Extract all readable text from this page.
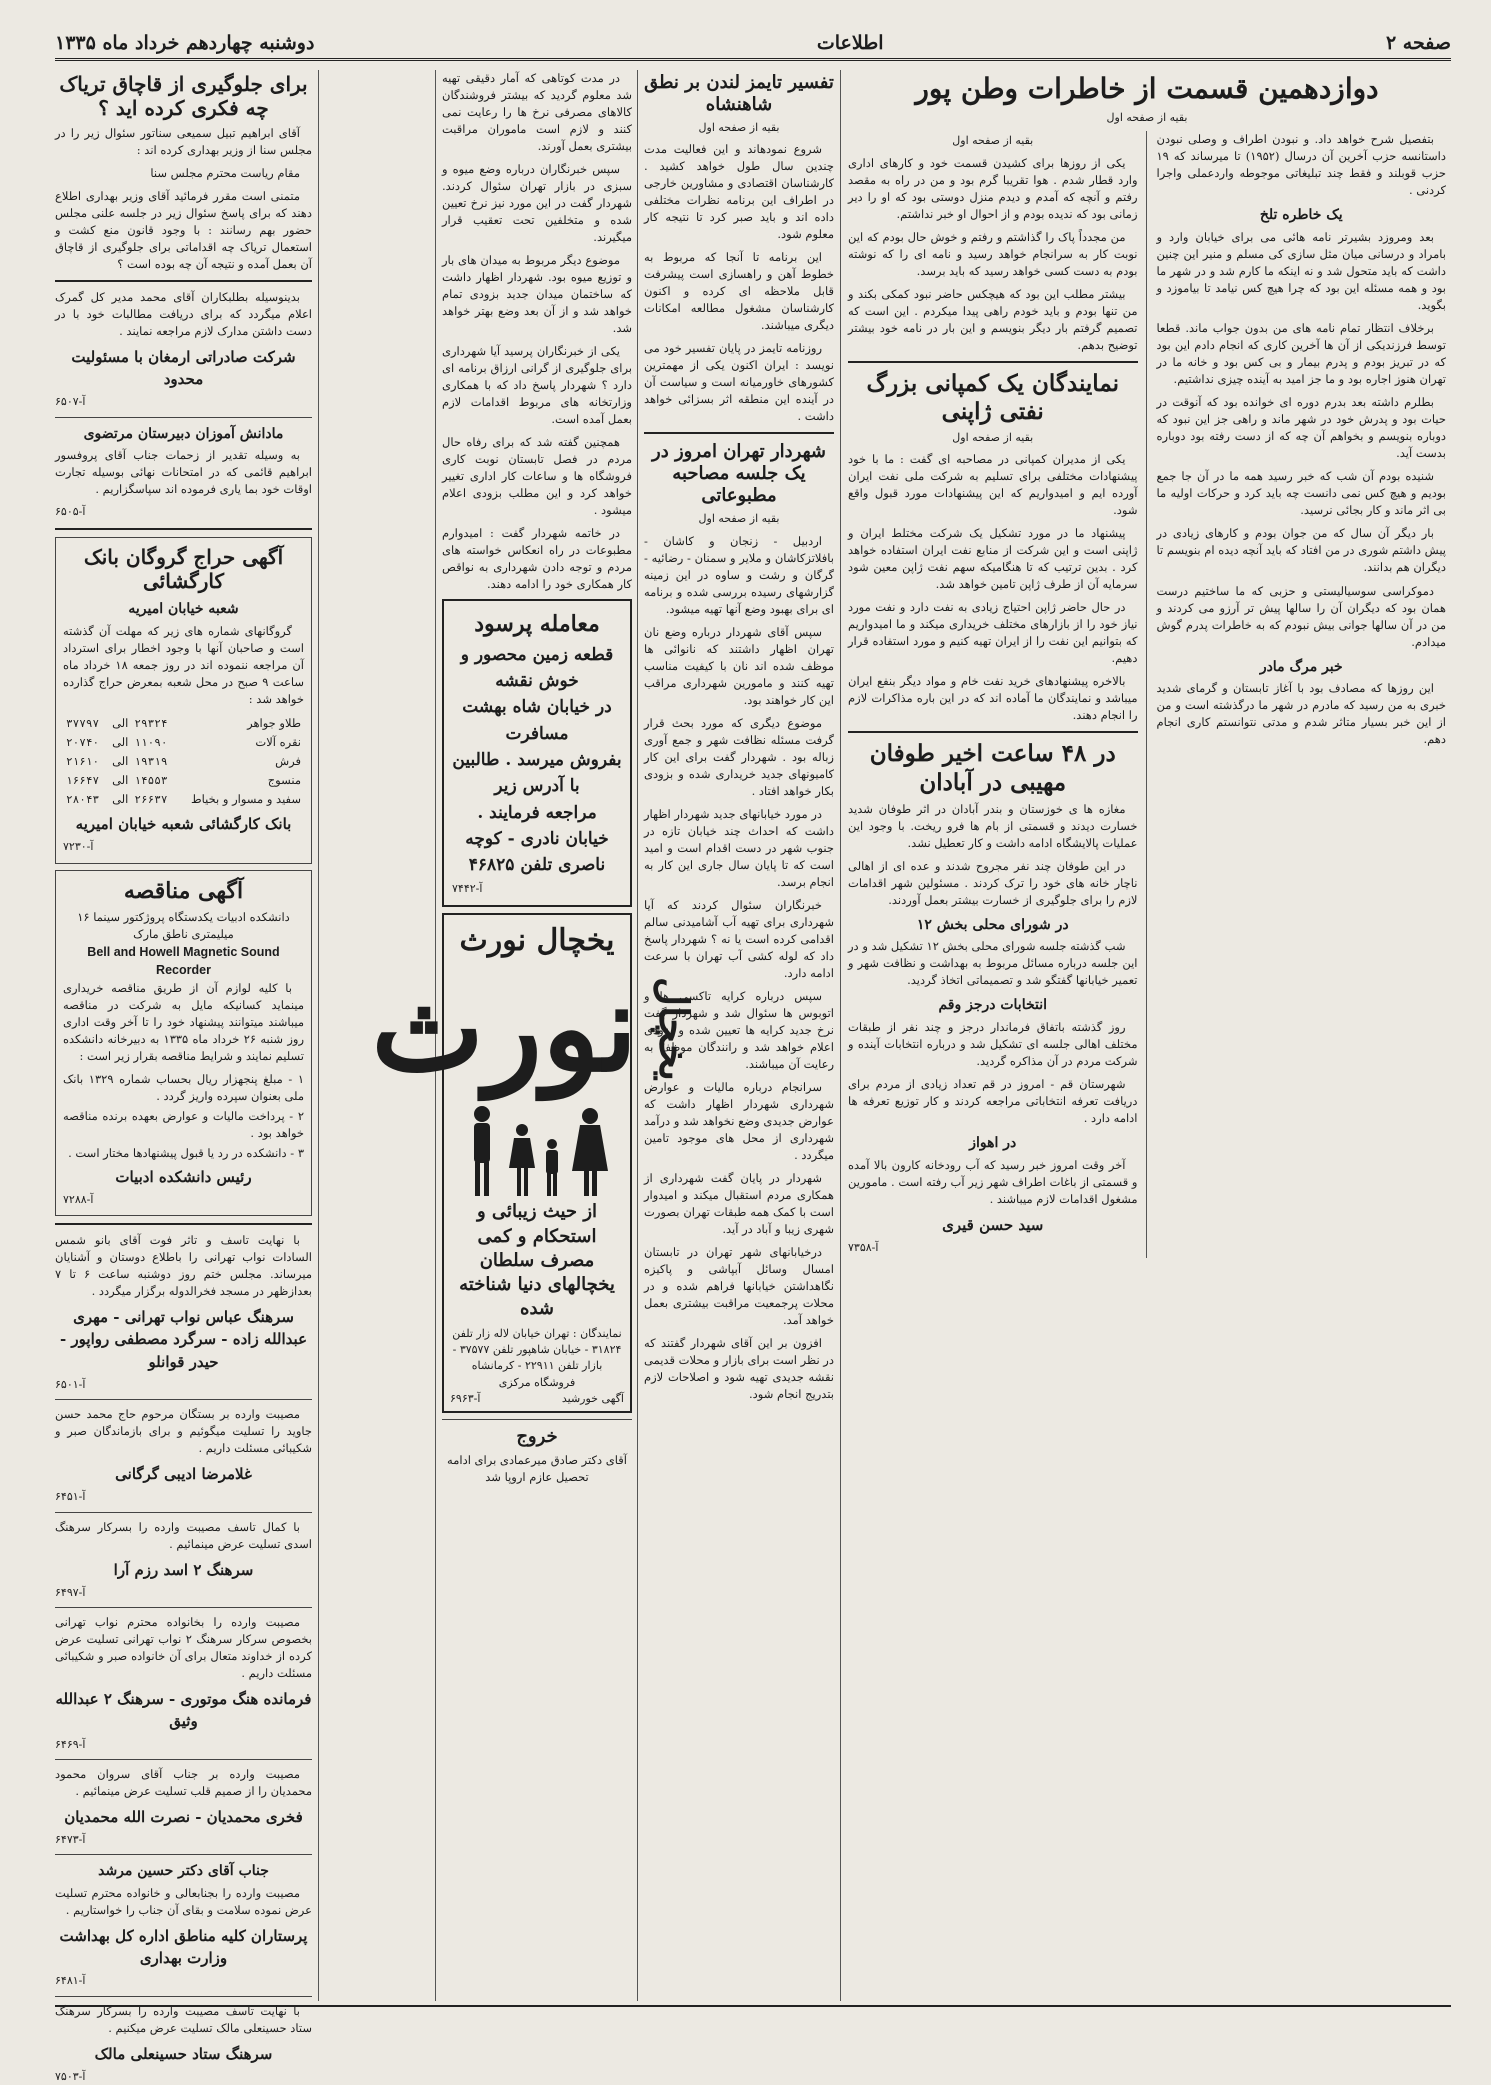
صفحه ۲
اطلاعات
دوشنبه چهاردهم خرداد ماه ۱۳۳۵
دوازدهمین قسمت از خاطرات وطن پور
بقیه از صفحه اول

بتفصیل شرح خواهد داد. و نبودن اطراف و وصلی نبودن داستانسه حزب آخرین آن درسال (۱۹۵۲) تا میرساند که ۱۹ حزب قوبلند و فقط چند تبلیغاتی موجوطه واردعملی واجرا کردنی .

یک خاطره تلخ

بعد ومروزد بشیرتر نامه هائی می برای خیابان وارد و بامراد و درسانی میان مثل سازی کی مسلم و منیر این چنین داشت که باید متحول شد و نه اینکه ما کارم شد و در شهر ما بود و همه مسئله این بود که چرا هیچ کس نیامد تا بیاموزد و بگوید.

برخلاف انتظار تمام نامه های من بدون جواب ماند. قطعا توسط فرزندیکی از آن ها آخرین کاری که انجام دادم این بود که در تبریز بودم و پدرم بیمار و بی کس بود و خانه ما در تهران هنوز اجاره بود و ما جز امید به آینده چیزی نداشتیم.

بطلرم داشته بعد بدرم دوره ای خوانده بود که آنوقت در حیات بود و پدرش خود در شهر ماند و راهی جز این نبود که دوباره بنویسم و بخواهم آن چه که از دست رفته بود دوباره بدست آید.

شنیده بودم آن شب که خبر رسید همه ما در آن جا جمع بودیم و هیچ کس نمی دانست چه باید کرد و حرکات اولیه ما بی اثر ماند و کار بجائی نرسید.

بار دیگر آن سال که من جوان بودم و کارهای زیادی در پیش داشتم شوری در من افتاد که باید آنچه دیده ام بنویسم تا دیگران هم بدانند.

دموکراسی سوسیالیستی و حزبی که ما ساختیم درست همان بود که دیگران آن را سالها پیش تر آرزو می کردند و من در آن سالها جوانی بیش نبودم که به خاطرات پدرم گوش میدادم.

خبر مرگ مادر

این روزها که مصادف بود با آغاز تابستان و گرمای شدید خبری به من رسید که مادرم در شهر ما درگذشته است و من از این خبر بسیار متاثر شدم و مدتی نتوانستم کاری انجام دهم.

بقیه از صفحه اول

یکی از روزها برای کشیدن قسمت خود و کارهای اداری وارد قطار شدم . هوا تقریبا گرم بود و من در راه به مقصد رفتم و آنچه که آمدم و دیدم منزل دوستی بود که او را دیر زمانی بود که ندیده بودم و از احوال او خبر نداشتم.

من مجدداً پاک را گذاشتم و رفتم و خوش حال بودم که این نوبت کار به سرانجام خواهد رسید و نامه ای را که نوشته بودم به دست کسی خواهد رسید که باید برسد.

بیشتر مطلب این بود که هیچکس حاضر نبود کمکی بکند و من تنها بودم و باید خودم راهی پیدا میکردم . این است که تصمیم گرفتم بار دیگر بنویسم و این بار در نامه خود بیشتر توضیح بدهم.

نمایندگان یک کمپانی بزرگ نفتی ژاپنی
بقیه از صفحه اول

یکی از مدیران کمپانی در مصاحبه ای گفت : ما با خود پیشنهادات مختلفی برای تسلیم به شرکت ملی نفت ایران آورده ایم و امیدواریم که این پیشنهادات مورد قبول واقع شود.

پیشنهاد ما در مورد تشکیل یک شرکت مختلط ایران و ژاپنی است و این شرکت از منابع نفت ایران استفاده خواهد کرد . بدین ترتیب که تا هنگامیکه سهم نفت ژاپن معین شود سرمایه آن از طرف ژاپن تامین خواهد شد.

در حال حاضر ژاپن احتیاج زیادی به نفت دارد و نفت مورد نیاز خود را از بازارهای مختلف خریداری میکند و ما امیدواریم که بتوانیم این نفت را از ایران تهیه کنیم و مورد استفاده قرار دهیم.

بالاخره پیشنهادهای خرید نفت خام و مواد دیگر بنفع ایران میباشد و نمایندگان ما آماده اند که در این باره مذاکرات لازم را انجام دهند.

در ۴۸ ساعت اخیر طوفان مهیبی در آبادان

مغازه ها ی خوزستان و بندر آبادان در اثر طوفان شدید خسارت دیدند و قسمتی از بام ها فرو ریخت. با وجود این عملیات پالایشگاه ادامه داشت و کار تعطیل نشد.

در این طوفان چند نفر مجروح شدند و عده ای از اهالی ناچار خانه های خود را ترک کردند . مسئولین شهر اقدامات لازم را برای جلوگیری از خسارت بیشتر بعمل آوردند.

در شورای محلی بخش ۱۲

شب گذشته جلسه شورای محلی بخش ۱۲ تشکیل شد و در این جلسه درباره مسائل مربوط به بهداشت و نظافت شهر و تعمیر خیابانها گفتگو شد و تصمیماتی اتخاذ گردید.

انتخابات درجز وقم

روز گذشته باتفاق فرماندار درجز و چند نفر از طبقات مختلف اهالی جلسه ای تشکیل شد و درباره انتخابات آینده و شرکت مردم در آن مذاکره گردید.

شهرستان قم - امروز در قم تعداد زیادی از مردم برای دریافت تعرفه انتخاباتی مراجعه کردند و کار توزیع تعرفه ها ادامه دارد .

در اهواز

آخر وقت امروز خبر رسید که آب رودخانه کارون بالا آمده و قسمتی از باغات اطراف شهر زیر آب رفته است . مامورین مشغول اقدامات لازم میباشند .

سید حسن قیری
آ-۷۳۵۸
تفسیر تایمز لندن بر نطق شاهنشاه
بقیه از صفحه اول

شروع نمودهاند و این فعالیت مدت چندین سال طول خواهد کشید . کارشناسان اقتصادی و مشاورین خارجی در اطراف این برنامه نظرات مختلفی داده اند و باید صبر کرد تا نتیجه کار معلوم شود.

این برنامه تا آنجا که مربوط به خطوط آهن و راهسازی است پیشرفت قابل ملاحظه ای کرده و اکنون کارشناسان مشغول مطالعه امکانات دیگری میباشند.

روزنامه تایمز در پایان تفسیر خود می نویسد : ایران اکنون یکی از مهمترین کشورهای خاورمیانه است و سیاست آن در آینده این منطقه اثر بسزائی خواهد داشت .

شهردار تهران امروز در یک جلسه مصاحبه مطبوعاتی
بقیه از صفحه اول

اردبیل - زنجان و کاشان - بافلاتزکاشان و ملایر و سمنان - رضائیه - گرگان و رشت و ساوه در این زمینه گزارشهای رسیده بررسی شده و برنامه ای برای بهبود وضع آنها تهیه میشود.

سپس آقای شهردار درباره وضع نان تهران اظهار داشتند که نانوائی ها موظف شده اند نان با کیفیت مناسب تهیه کنند و مامورین شهرداری مراقب این کار خواهند بود.

موضوع دیگری که مورد بحث قرار گرفت مسئله نظافت شهر و جمع آوری زباله بود . شهردار گفت برای این کار کامیونهای جدید خریداری شده و بزودی بکار خواهد افتاد .

در مورد خیابانهای جدید شهردار اظهار داشت که احداث چند خیابان تازه در جنوب شهر در دست اقدام است و امید است که تا پایان سال جاری این کار به انجام برسد.

خبرنگاران سئوال کردند که آیا شهرداری برای تهیه آب آشامیدنی سالم اقدامی کرده است یا نه ؟ شهردار پاسخ داد که لوله کشی آب تهران با سرعت ادامه دارد.

سپس درباره کرایه تاکسی ها و اتوبوس ها سئوال شد و شهردار گفت نرخ جدید کرایه ها تعیین شده و بزودی اعلام خواهد شد و رانندگان موظف به رعایت آن میباشند.

سرانجام درباره مالیات و عوارض شهرداری شهردار اظهار داشت که عوارض جدیدی وضع نخواهد شد و درآمد شهرداری از محل های موجود تامین میگردد .

شهردار در پایان گفت شهرداری از همکاری مردم استقبال میکند و امیدوار است با کمک همه طبقات تهران بصورت شهری زیبا و آباد در آید.

درخیابانهای شهر تهران در تابستان امسال وسائل آبپاشی و پاکیزه نگاهداشتن خیابانها فراهم شده و در محلات پرجمعیت مراقبت بیشتری بعمل خواهد آمد.

افزون بر این آقای شهردار گفتند که در نظر است برای بازار و محلات قدیمی نقشه جدیدی تهیه شود و اصلاحات لازم بتدریج انجام شود.

در مدت کوتاهی که آمار دقیقی تهیه شد معلوم گردید که بیشتر فروشندگان کالاهای مصرفی نرخ ها را رعایت نمی کنند و لازم است ماموران مراقبت بیشتری بعمل آورند.

سپس خبرنگاران درباره وضع میوه و سبزی در بازار تهران سئوال کردند. شهردار گفت در این مورد نیز نرخ تعیین شده و متخلفین تحت تعقیب قرار میگیرند.

موضوع دیگر مربوط به میدان های بار و توزیع میوه بود. شهردار اظهار داشت که ساختمان میدان جدید بزودی تمام خواهد شد و از آن بعد وضع بهتر خواهد شد.

یکی از خبرنگاران پرسید آیا شهرداری برای جلوگیری از گرانی ارزاق برنامه ای دارد ؟ شهردار پاسخ داد که با همکاری وزارتخانه های مربوط اقدامات لازم بعمل آمده است.

همچنین گفته شد که برای رفاه حال مردم در فصل تابستان نوبت کاری فروشگاه ها و ساعات کار اداری تغییر خواهد کرد و این مطلب بزودی اعلام میشود .

در خاتمه شهردار گفت : امیدوارم مطبوعات در راه انعکاس خواسته های مردم و توجه دادن شهرداری به نواقص کار همکاری خود را ادامه دهند.

معامله پرسود
قطعه زمین محصور و خوش نقشه
در خیابان شاه بهشت مسافرت
بفروش میرسد . طالبین با آدرس زیر
مراجعه فرمایند .
خیابان نادری - کوچه ناصری تلفن ۴۶۸۲۵
آ-۷۴۴۲
یخچال نورث
یخچال
نورث
از حیث زیبائی و استحکام و کمی مصرف سلطان یخچالهای دنیا شناخته شده
نمایندگان : تهران خیابان لاله زار تلفن ۳۱۸۲۴ - خیابان شاهپور تلفن ۳۷۵۷۷ - بازار تلفن ۲۲۹۱۱ - کرمانشاه فروشگاه مرکزی
آگهی خورشید
آ-۶۹۶۳
خروج
آقای دکتر صادق میرعمادی برای ادامه تحصیل عازم اروپا شد
برای جلوگیری از قاچاق تریاک چه فکری کرده اید ؟

آقای ابراهیم تبیل سمیعی سناتور سئوال زیر را در مجلس سنا از وزیر بهداری کرده اند :

مقام ریاست محترم مجلس سنا

متمنی است مقرر فرمائید آقای وزیر بهداری اطلاع دهند که برای پاسخ سئوال زیر در جلسه علنی مجلس حضور بهم رسانند : با وجود قانون منع کشت و استعمال تریاک چه اقداماتی برای جلوگیری از قاچاق آن بعمل آمده و نتیجه آن چه بوده است ؟

بدینوسیله بطلبکاران آقای محمد مدیر کل گمرک اعلام میگردد که برای دریافت مطالبات خود با در دست داشتن مدارک لازم مراجعه نمایند .

شرکت صادراتی ارمغان با مسئولیت محدود
آ-۶۵۰۷
مادانش آموزان دبیرستان مرتضوی

به وسیله تقدیر از زحمات جناب آقای پروفسور ابراهیم قائمی که در امتحانات نهائی بوسیله تجارت اوقات خود بما یاری فرموده اند سپاسگزاریم .

آ-۶۵۰۵
آگهی حراج گروگان بانک کارگشائی
شعبه خیابان امیریه

گروگانهای شماره های زیر که مهلت آن گذشته است و صاحبان آنها با وجود اخطار برای استرداد آن مراجعه ننموده اند در روز جمعه ۱۸ خرداد ماه ساعت ۹ صبح در محل شعبه بمعرض حراج گذارده خواهد شد :

طلاو جواهر	۲۹۳۲۴	الی	۳۷۷۹۷
نقره آلات	۱۱۰۹۰	الی	۲۰۷۴۰
فرش	۱۹۳۱۹	الی	۲۱۶۱۰
منسوج	۱۴۵۵۳	الی	۱۶۶۴۷
سفید و مسوار و بخیاط	۲۶۶۳۷	الی	۲۸۰۴۳
بانک کارگشائی شعبه خیابان امیریه
آ-۷۲۳۰
آگهی مناقصه
دانشکده ادبیات یکدستگاه پروژکتور سینما ۱۶ میلیمتری ناطق مارک
Bell and Howell Magnetic Sound Recorder

با کلیه لوازم آن از طریق مناقصه خریداری مینماید کسانیکه مایل به شرکت در مناقصه میباشند میتوانند پیشنهاد خود را تا آخر وقت اداری روز شنبه ۲۶ خرداد ماه ۱۳۳۵ به دبیرخانه دانشکده تسلیم نمایند و شرایط مناقصه بقرار زیر است :

۱ - مبلغ پنجهزار ریال بحساب شماره ۱۳۲۹ بانک ملی بعنوان سپرده واریز گردد .
۲ - پرداخت مالیات و عوارض بعهده برنده مناقصه خواهد بود .
۳ - دانشکده در رد یا قبول پیشنهادها مختار است .
رئیس دانشکده ادبیات
آ-۷۲۸۸

با نهایت تاسف و تاثر فوت آقای بانو شمس السادات نواب تهرانی را باطلاع دوستان و آشنایان میرساند. مجلس ختم روز دوشنبه ساعت ۶ تا ۷ بعدازظهر در مسجد فخرالدوله برگزار میگردد .

سرهنگ عباس نواب تهرانی - مهری عبدالله زاده - سرگرد مصطفی رواپور - حیدر قوانلو
آ-۶۵۰۱

مصیبت وارده بر بستگان مرحوم حاج محمد حسن جاوید را تسلیت میگوئیم و برای بازماندگان صبر و شکیبائی مسئلت داریم .

غلامرضا ادیبی گرگانی
آ-۶۴۵۱

با کمال تاسف مصیبت وارده را بسرکار سرهنگ اسدی تسلیت عرض مینمائیم .

سرهنگ ۲ اسد رزم آرا
آ-۶۴۹۷

مصیبت وارده را بخانواده محترم نواب تهرانی بخصوص سرکار سرهنگ ۲ نواب تهرانی تسلیت عرض کرده از خداوند متعال برای آن خانواده صبر و شکیبائی مسئلت داریم .

فرمانده هنگ موتوری - سرهنگ ۲ عبدالله وثیق
آ-۶۴۶۹

مصیبت وارده بر جناب آقای سروان محمود محمدیان را از صمیم قلب تسلیت عرض مینمائیم .

فخری محمدیان - نصرت الله محمدیان
آ-۶۴۷۳
جناب آقای دکتر حسین مرشد

مصیبت وارده را بجنابعالی و خانواده محترم تسلیت عرض نموده سلامت و بقای آن جناب را خواستاریم .

پرستاران کلیه مناطق اداره کل بهداشت وزارت بهداری
آ-۶۴۸۱

با نهایت تاسف مصیبت وارده را بسرکار سرهنگ ستاد حسینعلی مالک تسلیت عرض میکنیم .

سرهنگ ستاد حسینعلی مالک
آ-۷۵۰۳
